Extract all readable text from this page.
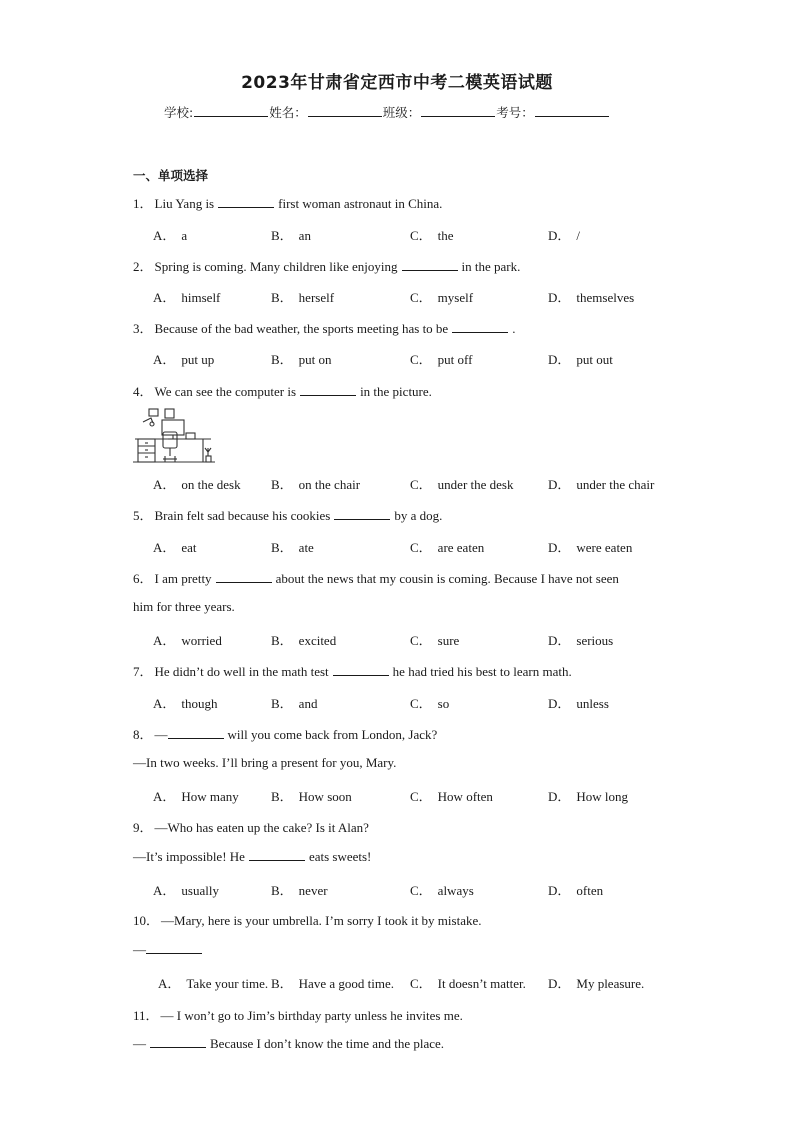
2023年甘肃省定西市中考二模英语试题
学校:	姓名：	班级：	考号：
一、单项选择
1． Liu Yang is	first woman astronaut in China.
A． a	B． an	C． the	D． /
2． Spring is coming. Many children like enjoying	in the park.
A． himself	B． herself	C． myself	D． themselves
3． Because of the bad weather, the sports meeting has to be	.
A． put up	B． put on	C． put off	D． put out
4． We can see the computer is	in the picture.
A． on the desk B． on the chair	C． under the desk	D． under the chair
5． Brain felt sad because his cookies	by a dog.
A． eat	B． ate	C． are eaten	D． were eaten
6． I am pretty	about the news that my cousin is coming. Because I have not seen
him for three years.
A． worried	B． excited	C． sure	D． serious
7． He didn’t do well in the math test	he had tried his best to learn math.
A． though	B． and	C． so	D． unless
8． —	will you come back from London, Jack?
—In two weeks. I’ll bring a present for you, Mary.
A． How many B． How soon	C． How often	D． How long
9． —Who has eaten up the cake? Is it Alan?
—It’s impossible! He	eats sweets!
A． usually	B． never	C． always	D． often
10． —Mary, here is your umbrella. I’m sorry I took it by mistake.
—
A． Take your time. B． Have a good time. C． It doesn’t matter. D． My pleasure.
11． — I won’t go to Jim’s birthday party unless he invites me.
—	Because I don’t know the time and the place.
